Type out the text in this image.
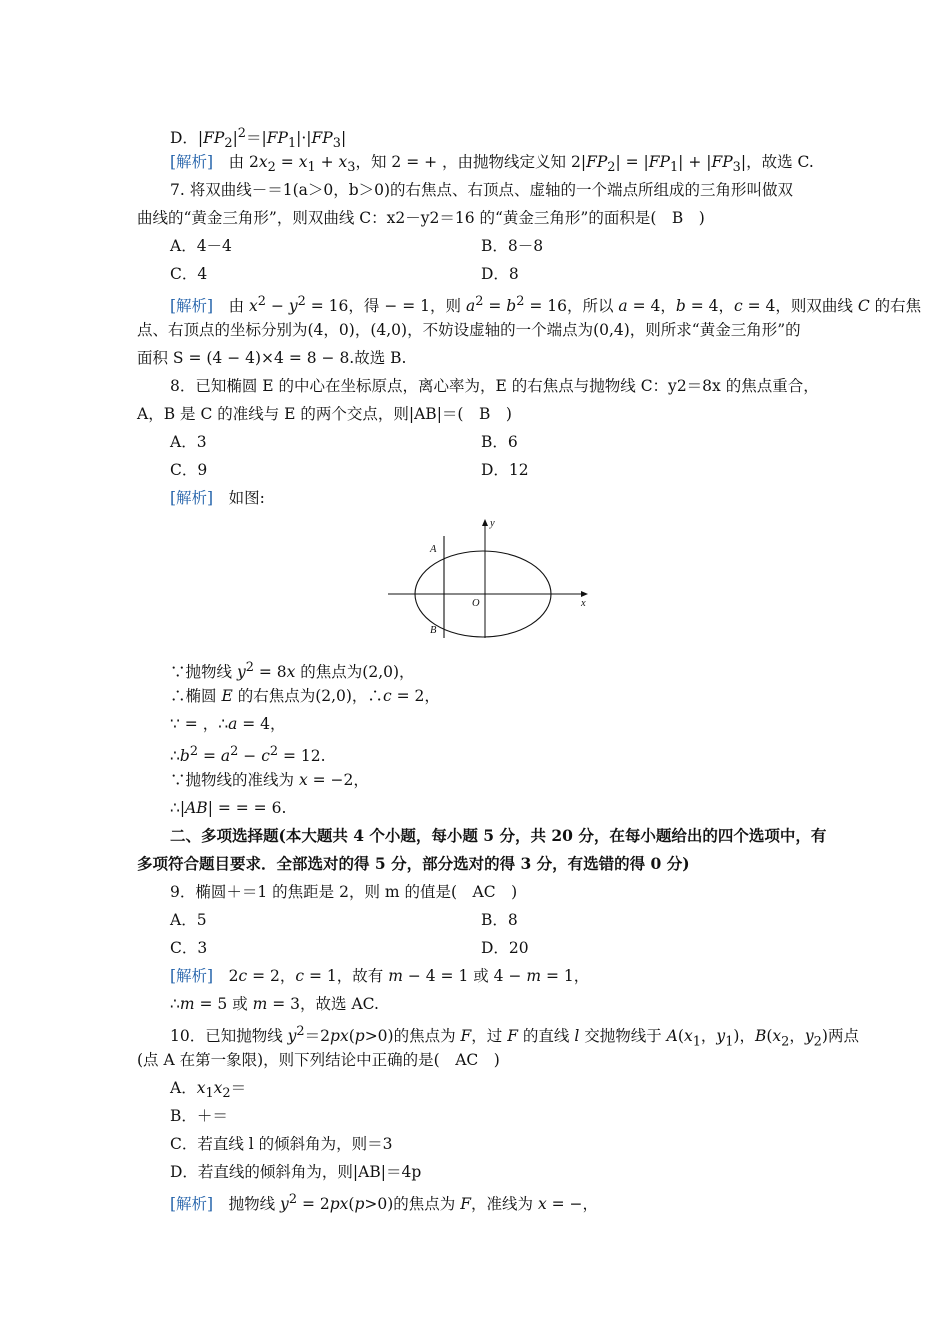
D．$|FP_2|^2=|FP_1|\cdot|FP_3|$
[解析]　由 $2x_2 = x_1 + x_3$，知 2 = + ，由抛物线定义知 $2|FP_2| = |FP_1| + |FP_3|$，故选 C.
7. 将双曲线－＝1(a＞0，b＞0)的右焦点、右顶点、虚轴的一个端点所组成的三角形叫做双
曲线的“黄金三角形”，则双曲线 C：x2－y2＝16 的“黄金三角形”的面积是(　B　)
A．4－4	B．8－8
C．4	D．8
[解析]　由 $x^2 - y^2 = 16$，得 − = 1，则 $a^2 = b^2 = 16$，所以 a = 4，b = 4，c = 4，则双曲线 C 的右焦
点、右顶点的坐标分别为(4，0)，(4,0)，不妨设虚轴的一个端点为(0,4)，则所求“黄金三角形”的
面积 S = (4 − 4)×4 = 8 − 8.故选 B.
8．已知椭圆 E 的中心在坐标原点，离心率为，E 的右焦点与抛物线 C：y2＝8x 的焦点重合，
A，B 是 C 的准线与 E 的两个交点，则|AB|＝(　B　)
A．3	B．6
C．9	D．12
[解析]　如图:
y
x
O
A
B
∵抛物线 $y^2 = 8x$ 的焦点为(2,0)，
∴椭圆 E 的右焦点为(2,0)，∴c = 2，
∵ = ，∴a = 4，
$\therefore b^2 = a^2 - c^2 = 12$.
∵抛物线的准线为 x = −2，
∴|AB| = = = 6.
二、多项选择题(本大题共 4 个小题，每小题 5 分，共 20 分，在每小题给出的四个选项中，有
多项符合题目要求．全部选对的得 5 分，部分选对的得 3 分，有选错的得 0 分)
9．椭圆＋＝1 的焦距是 2，则 m 的值是(　AC　)
A．5	B．8
C．3	D．20
[解析]　2c = 2，c = 1，故有 m − 4 = 1 或 4 − m = 1，
∴m = 5 或 m = 3，故选 AC.
10．已知抛物线 $y^2=2px(p>0)$的焦点为 F，过 F 的直线 l 交抛物线于 $A(x_1$，$y_1$)，$B(x_2$，$y_2$)两点
(点 A 在第一象限)，则下列结论中正确的是(　AC　)
A．$x_1x_2=$
B．＋＝
C．若直线 l 的倾斜角为，则＝3
D．若直线的倾斜角为，则|AB|＝4p
[解析]　抛物线 $y^2 = 2px(p>0)$的焦点为 F，准线为 x = −，
